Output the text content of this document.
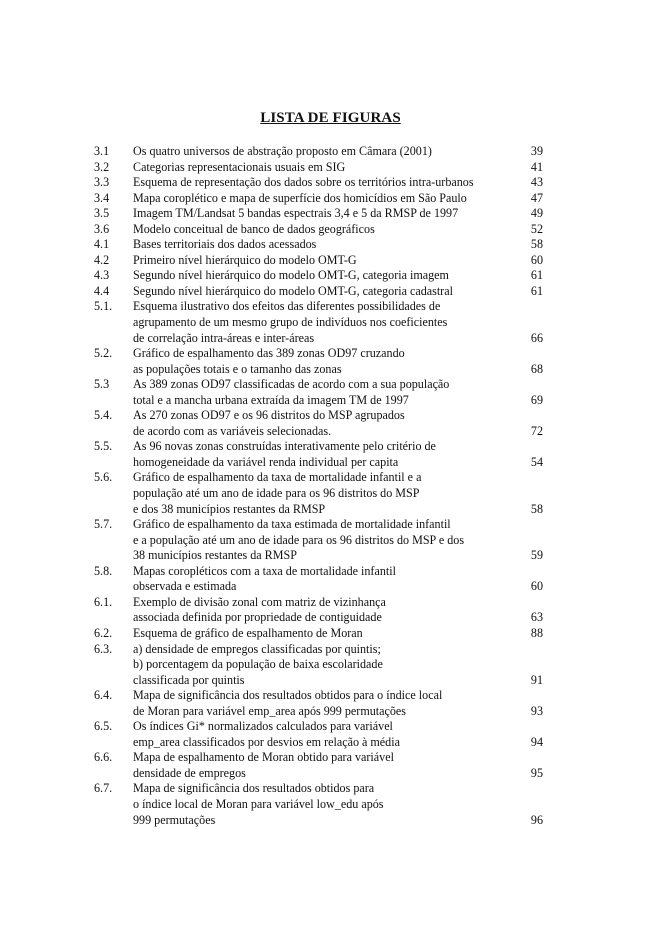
LISTA DE FIGURAS
3.1 Os quatro universos de abstração proposto em Câmara (2001)	39
3.2 Categorias representacionais usuais em SIG	41
3.3 Esquema de representação dos dados sobre os territórios intra-urbanos	43
3.4 Mapa coroplético e mapa de superfície dos homicídios em São Paulo	47
3.5 Imagem TM/Landsat 5 bandas espectrais 3,4 e 5 da RMSP de 1997	49
3.6 Modelo conceitual de banco de dados geográficos	52
4.1 Bases territoriais dos dados acessados	58
4.2 Primeiro nível hierárquico do modelo OMT-G	60
4.3 Segundo nível hierárquico do modelo OMT-G, categoria imagem	61
4.4 Segundo nível hierárquico do modelo OMT-G, categoria cadastral	61
5.1. Esquema ilustrativo dos efeitos das diferentes possibilidades de
agrupamento de um mesmo grupo de indivíduos nos coeficientes
de correlação intra-áreas e inter-áreas	66
5.2. Gráfico de espalhamento das 389 zonas OD97 cruzando
as populações totais e o tamanho das zonas	68
5.3 As 389 zonas OD97 classificadas de acordo com a sua população
total e a mancha urbana extraída da imagem TM de 1997	69
5.4. As 270 zonas OD97 e os 96 distritos do MSP agrupados
de acordo com as variáveis selecionadas.	72
5.5. As 96 novas zonas construídas interativamente pelo critério de
homogeneidade da variável renda individual per capita	54
5.6. Gráfico de espalhamento da taxa de mortalidade infantil e a
população até um ano de idade para os 96 distritos do MSP
e dos 38 municípios restantes da RMSP	58
5.7. Gráfico de espalhamento da taxa estimada de mortalidade infantil
e a população até um ano de idade para os 96 distritos do MSP e dos
38 municípios restantes da RMSP	59
5.8. Mapas coropléticos com a taxa de mortalidade infantil
observada e estimada	60
6.1. Exemplo de divisão zonal com matriz de vizinhança
associada definida por propriedade de contiguidade	63
6.2. Esquema de gráfico de espalhamento de Moran	88
6.3. a) densidade de empregos classificadas por quintis;
b) porcentagem da população de baixa escolaridade
classificada por quintis	91
6.4. Mapa de significância dos resultados obtidos para o índice local
de Moran para variável emp_area após 999 permutações	93
6.5. Os índices Gi* normalizados calculados para variável
emp_area classificados por desvios em relação à média	94
6.6. Mapa de espalhamento de Moran obtido para variável
densidade de empregos	95
6.7. Mapa de significância dos resultados obtidos para
o índice local de Moran para variável low_edu após
999 permutações	96
